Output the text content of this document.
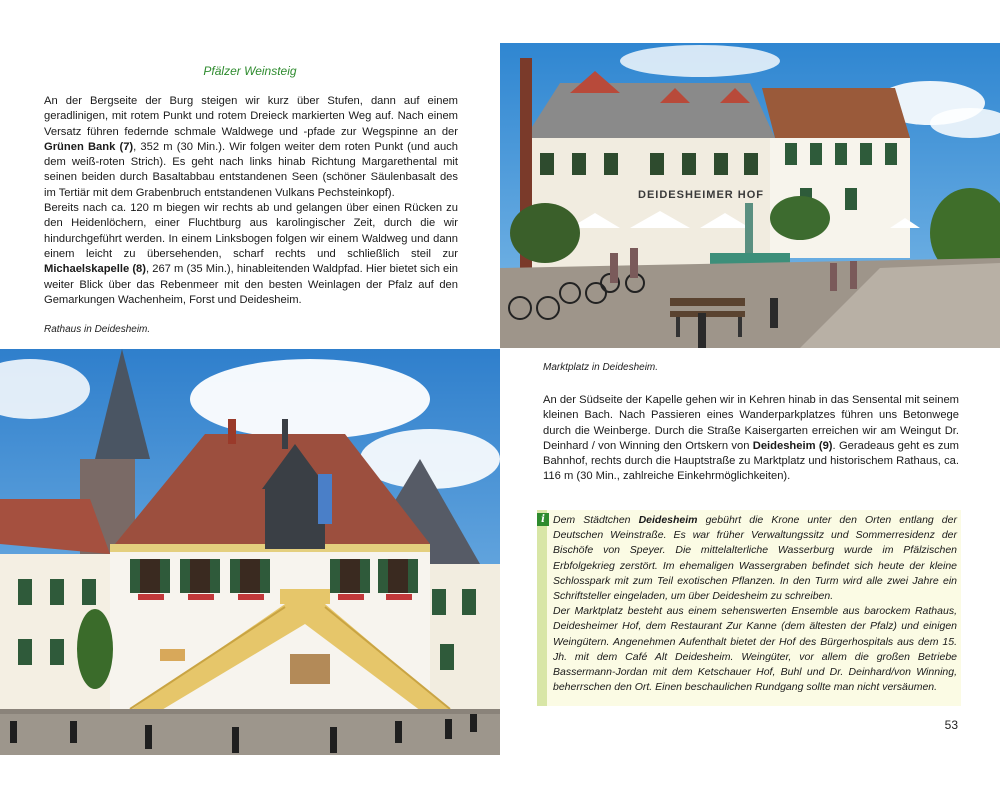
Pfälzer Weinsteig

An der Bergseite der Burg steigen wir kurz über Stufen, dann auf einem geradlinigen, mit rotem Punkt und rotem Dreieck markierten Weg auf. Nach einem Versatz führen federnde schmale Waldwege und -pfade zur Wegspinne an der Grünen Bank (7), 352 m (30 Min.). Wir folgen weiter dem roten Punkt (und auch dem weiß-roten Strich). Es geht nach links hinab Richtung Margarethental mit seinen beiden durch Basaltabbau entstandenen Seen (schöner Säulenbasalt des im Tertiär mit dem Grabenbruch entstandenen Vulkans Pechsteinkopf).

Bereits nach ca. 120 m biegen wir rechts ab und gelangen über einen Rücken zu den Heidenlöchern, einer Fluchtburg aus karolingischer Zeit, durch die wir hindurchgeführt werden. In einem Linksbogen folgen wir einem Waldweg und dann einem leicht zu übersehenden, scharf rechts und schließlich steil zur Michaelskapelle (8), 267 m (35 Min.), hinableitenden Waldpfad. Hier bietet sich ein weiter Blick über das Rebenmeer mit den besten Weinlagen der Pfalz auf den Gemarkungen Wachenheim, Forst und Deidesheim.

Rathaus in Deidesheim.

DEIDESHEIMER HOF

Marktplatz in Deidesheim.

An der Südseite der Kapelle gehen wir in Kehren hinab in das Sensental mit seinem kleinen Bach. Nach Passieren eines Wanderparkplatzes führen uns Betonwege durch die Weinberge. Durch die Straße Kaisergarten erreichen wir am Weingut Dr. Deinhard / von Winning den Ortskern von Deidesheim (9). Geradeaus geht es zum Bahnhof, rechts durch die Hauptstraße zu Marktplatz und historischem Rathaus, ca. 116 m (30 Min., zahlreiche Einkehrmöglichkeiten).

i Dem Städtchen Deidesheim gebührt die Krone unter den Orten entlang der Deutschen Weinstraße. Es war früher Verwaltungssitz und Sommerresidenz der Bischöfe von Speyer. Die mittelalterliche Wasserburg wurde im Pfälzischen Erbfolgekrieg zerstört. Im ehemaligen Wassergraben befindet sich heute der kleine Schlosspark mit zum Teil exotischen Pflanzen. In den Turm wird alle zwei Jahre ein Schriftsteller eingeladen, um über Deidesheim zu schreiben.
Der Marktplatz besteht aus einem sehenswerten Ensemble aus barockem Rathaus, Deidesheimer Hof, dem Restaurant Zur Kanne (dem ältesten der Pfalz) und einigen Weingütern. Angenehmen Aufenthalt bietet der Hof des Bürgerhospitals aus dem 15. Jh. mit dem Café Alt Deidesheim. Weingüter, vor allem die großen Betriebe Bassermann-Jordan mit dem Ketschauer Hof, Buhl und Dr. Deinhard/von Winning, beherrschen den Ort. Einen beschaulichen Rundgang sollte man nicht versäumen.

53
